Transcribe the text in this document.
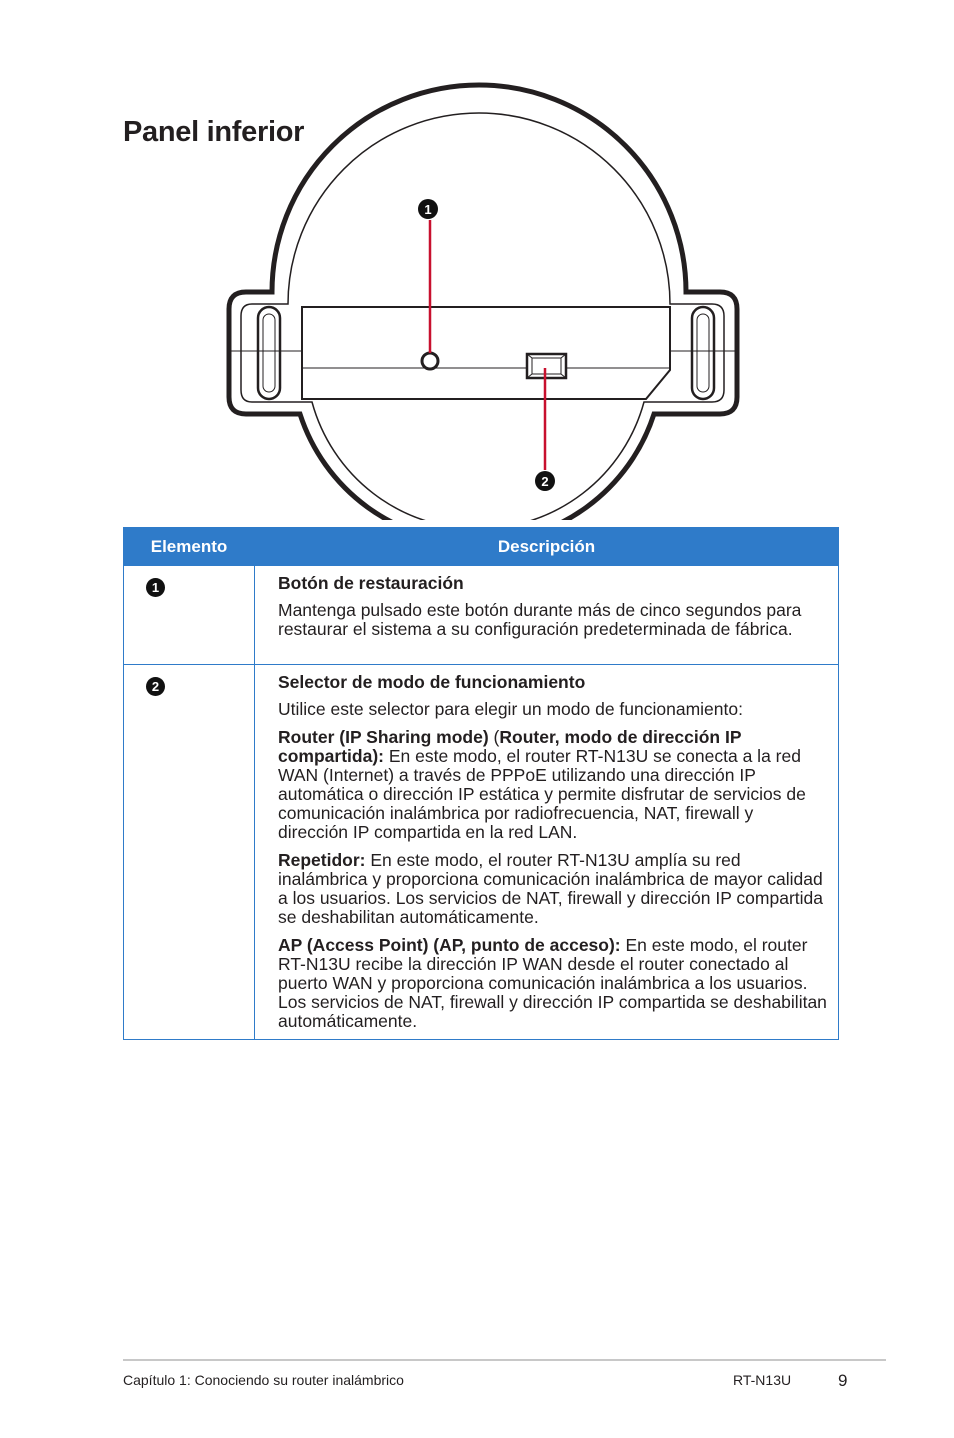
Panel inferior
1
2
Elemento	Descripción
1	Botón de restauración
Mantenga pulsado este botón durante más de cinco segundos para restaurar el sistema a su configuración predeterminada de fábrica.

2	Selector de modo de funcionamiento
Utilice este selector para elegir un modo de funcionamiento:
Router (IP Sharing mode) (Router, modo de dirección IP compartida): En este modo, el router RT-N13U se conecta a la red WAN (Internet) a través de PPPoE utilizando una dirección IP automática o dirección IP estática y permite disfrutar de servicios de comunicación inalámbrica por radiofrecuencia, NAT, firewall y dirección IP compartida en la red LAN.
Repetidor: En este modo, el router RT-N13U amplía su red inalámbrica y proporciona comunicación inalámbrica de mayor calidad a los usuarios. Los servicios de NAT, firewall y dirección IP compartida se deshabilitan automáticamente.
AP (Access Point) (AP, punto de acceso): En este modo, el router RT-N13U recibe la dirección IP WAN desde el router conectado al puerto WAN y proporciona comunicación inalámbrica a los usuarios. Los servicios de NAT, firewall y dirección IP compartida se deshabilitan automáticamente.
Capítulo 1: Conociendo su router inalámbrico	RT-N13U	9
